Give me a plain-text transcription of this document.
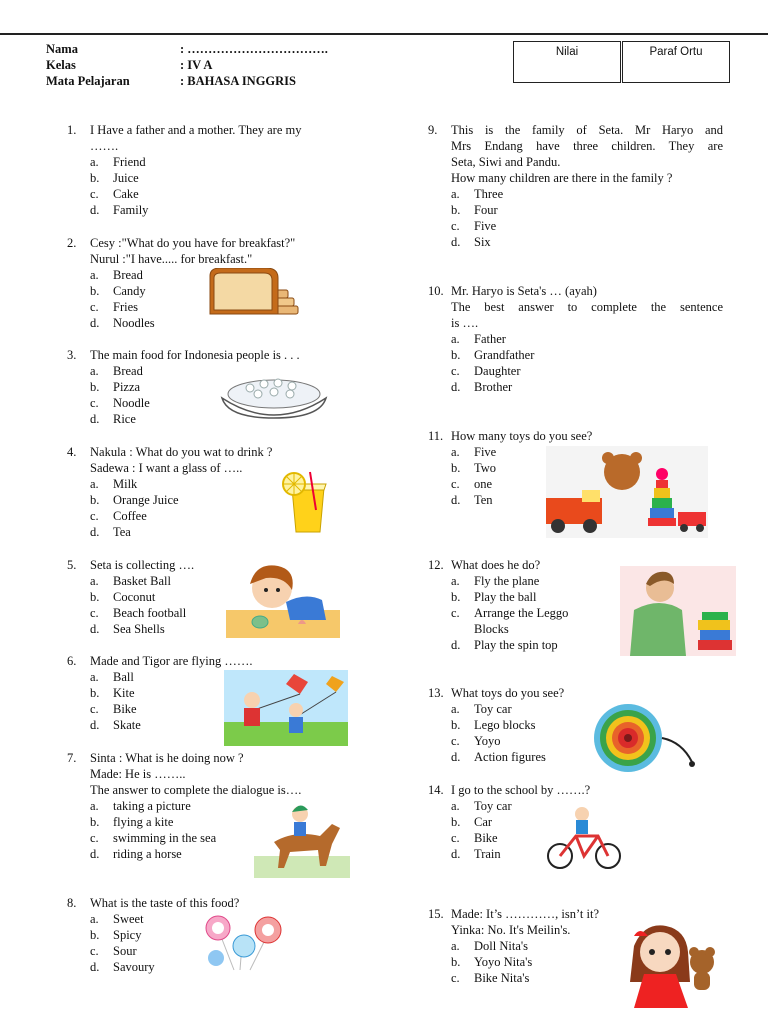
Nama	: …………………………….
Kelas	: IV A
Mata Pelajaran	: BAHASA INGGRIS
Nilai	Paraf Ortu
1. I Have a father and a mother. They are my
…….
a. Friend
b. Juice
c. Cake
d. Family
2. Cesy :"What do you have for breakfast?"
Nurul :"I have..... for breakfast."
a. Bread
b. Candy
c. Fries
d. Noodles
3. The main food for Indonesia people is . . .
a. Bread
b. Pizza
c. Noodle
d. Rice
4. Nakula : What do you wat to drink ?
Sadewa : I want a glass of …..
a. Milk
b. Orange Juice
c. Coffee
d. Tea
5. Seta is collecting ….
a. Basket Ball
b. Coconut
c. Beach football
d. Sea Shells
6. Made and Tigor are flying …….
a. Ball
b. Kite
c. Bike
d. Skate
7. Sinta : What is he doing now ?
Made: He is ……..
The answer to complete the dialogue is….
a. taking a picture
b. flying a kite
c. swimming in the sea
d. riding a horse
8. What is the taste of this food?
a. Sweet
b. Spicy
c. Sour
d. Savoury
9. This is the family of Seta. Mr Haryo and
Mrs Endang have three children. They are
Seta, Siwi and Pandu.
How many children are there in the family ?
a. Three
b. Four
c. Five
d. Six
10. Mr. Haryo is Seta's … (ayah)
The best answer to complete the sentence
is ….
a. Father
b. Grandfather
c. Daughter
d. Brother
11. How many toys do you see?
a. Five
b. Two
c. one
d. Ten
12. What does he do?
a. Fly the plane
b. Play the ball
c. Arrange the Leggo
Blocks
d. Play the spin top
13. What toys do you see?
a. Toy car
b. Lego blocks
c. Yoyo
d. Action figures
14. I go to the school by …….?
a. Toy car
b. Car
c. Bike
d. Train
15. Made: It’s …………, isn’t it?
Yinka: No. It's Meilin's.
a. Doll Nita's
b. Yoyo Nita's
c. Bike Nita's
